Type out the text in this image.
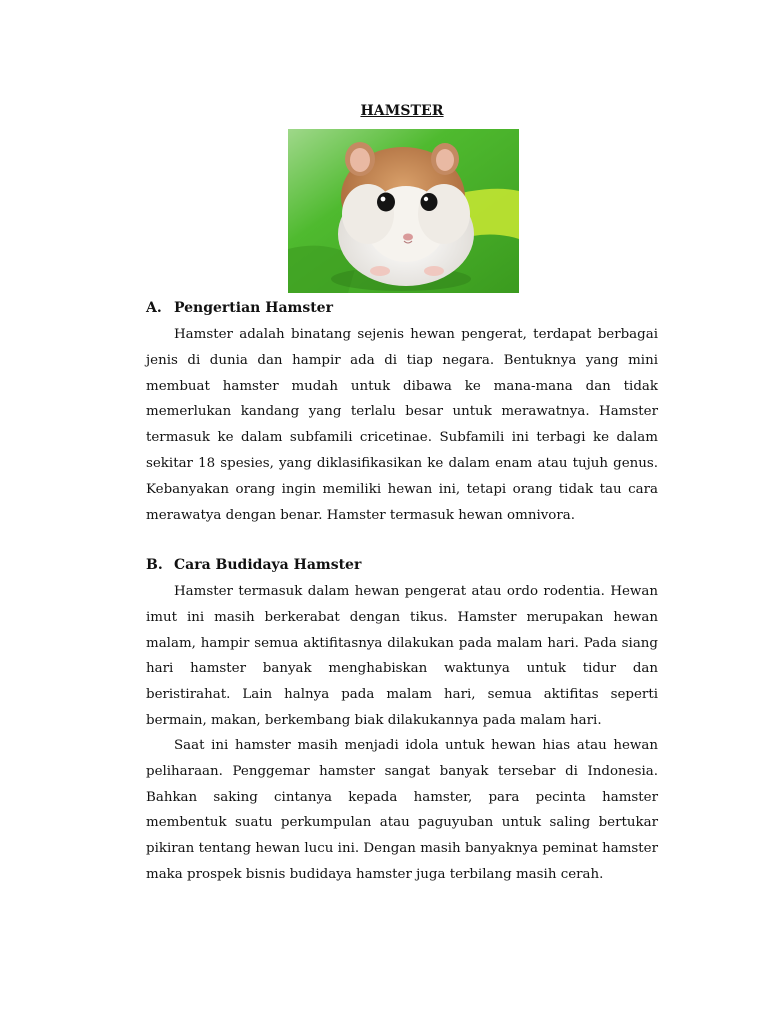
HAMSTER
A. Pengertian Hamster

Hamster adalah binatang sejenis hewan pengerat, terdapat berbagai jenis di dunia dan hampir ada di tiap negara. Bentuknya yang mini membuat hamster mudah untuk dibawa ke mana-mana dan tidak memerlukan kandang yang terlalu besar untuk merawatnya. Hamster termasuk ke dalam subfamili cricetinae. Subfamili ini terbagi ke dalam sekitar 18 spesies, yang diklasifikasikan ke dalam enam atau tujuh genus. Kebanyakan orang ingin memiliki hewan ini, tetapi orang tidak tau cara merawatya dengan benar. Hamster termasuk hewan omnivora.

B. Cara Budidaya Hamster

Hamster termasuk dalam hewan pengerat atau ordo rodentia. Hewan imut ini masih berkerabat dengan tikus. Hamster merupakan hewan malam, hampir semua aktifitasnya dilakukan pada malam hari. Pada siang hari hamster banyak menghabiskan waktunya untuk tidur dan beristirahat. Lain halnya pada malam hari, semua aktifitas seperti bermain, makan, berkembang biak dilakukannya pada malam hari.

Saat ini hamster masih menjadi idola untuk hewan hias atau hewan peliharaan. Penggemar hamster sangat banyak tersebar di Indonesia. Bahkan saking cintanya kepada hamster, para pecinta hamster membentuk suatu perkumpulan atau paguyuban untuk saling bertukar pikiran tentang hewan lucu ini. Dengan masih banyaknya peminat hamster maka prospek bisnis budidaya hamster juga terbilang masih cerah.
